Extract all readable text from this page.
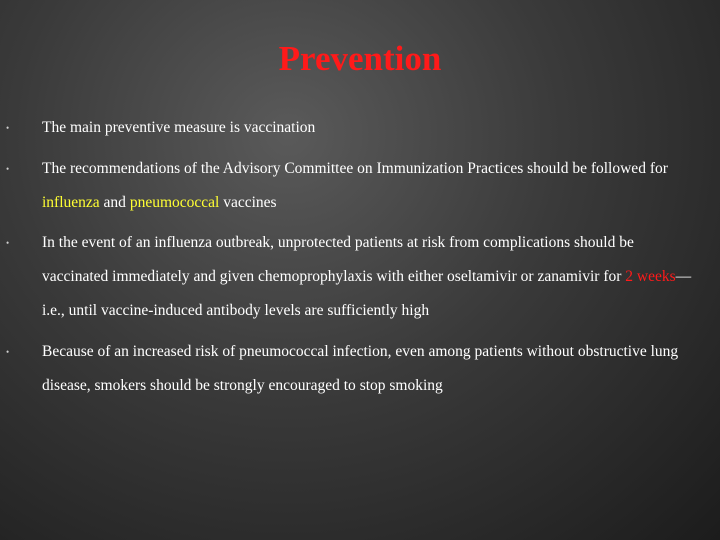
Prevention
• The main preventive measure is vaccination
• The recommendations of the Advisory Committee on Immunization Practices should be followed for influenza and pneumococcal vaccines
• In the event of an influenza outbreak, unprotected patients at risk from complications should be vaccinated immediately and given chemoprophylaxis with either oseltamivir or zanamivir for 2 weeks—i.e., until vaccine-induced antibody levels are sufficiently high
• Because of an increased risk of pneumococcal infection, even among patients without obstructive lung disease, smokers should be strongly encouraged to stop smoking
